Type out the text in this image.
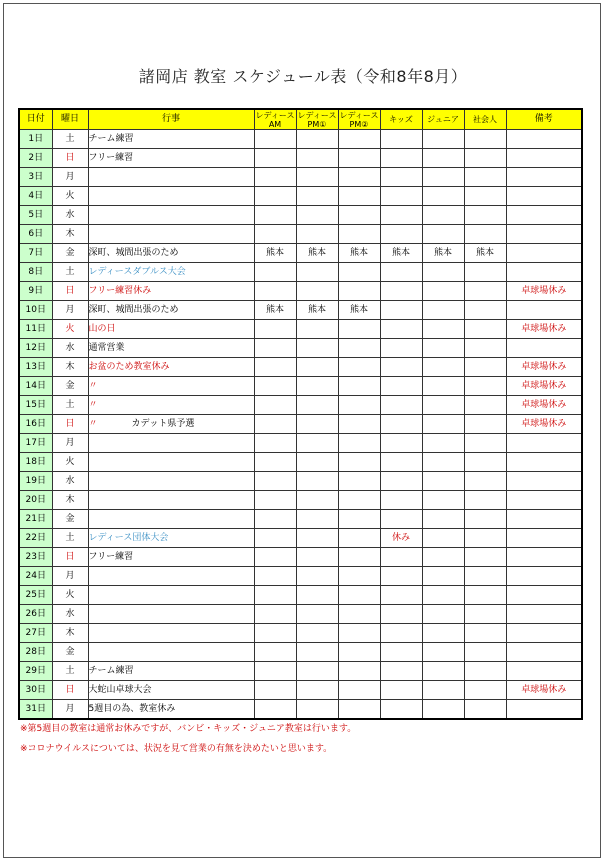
諸岡店 教室 スケジュール表（令和8年8月）
日付	曜日	行事	レディース AM	レディースPM①	レディースPM②	キッズ	ジュニア	社会人	備考
1日	土	チーム練習							
2日	日	フリー練習							
3日	月								
4日	火								
5日	水								
6日	木								
7日	金	深町、城間出張のため	熊本	熊本	熊本	熊本	熊本	熊本	
8日	土	レディースダブルス大会							
9日	日	フリー練習休み							卓球場休み
10日	月	深町、城間出張のため	熊本	熊本	熊本				
11日	火	山の日							卓球場休み
12日	水	通常営業							
13日	木	お盆のため教室休み							卓球場休み
14日	金	〃							卓球場休み
15日	土	〃							卓球場休み
16日	日	〃 カデット県予選							卓球場休み
17日	月								
18日	火								
19日	水								
20日	木								
21日	金								
22日	土	レディース団体大会				休み			
23日	日	フリー練習							
24日	月								
25日	火								
26日	水								
27日	木								
28日	金								
29日	土	チーム練習							
30日	日	大蛇山卓球大会							卓球場休み
31日	月	5週目の為、教室休み							
※第5週目の教室は通常お休みですが、バンビ・キッズ・ジュニア教室は行います。
※コロナウイルスについては、状況を見て営業の有無を決めたいと思います。
